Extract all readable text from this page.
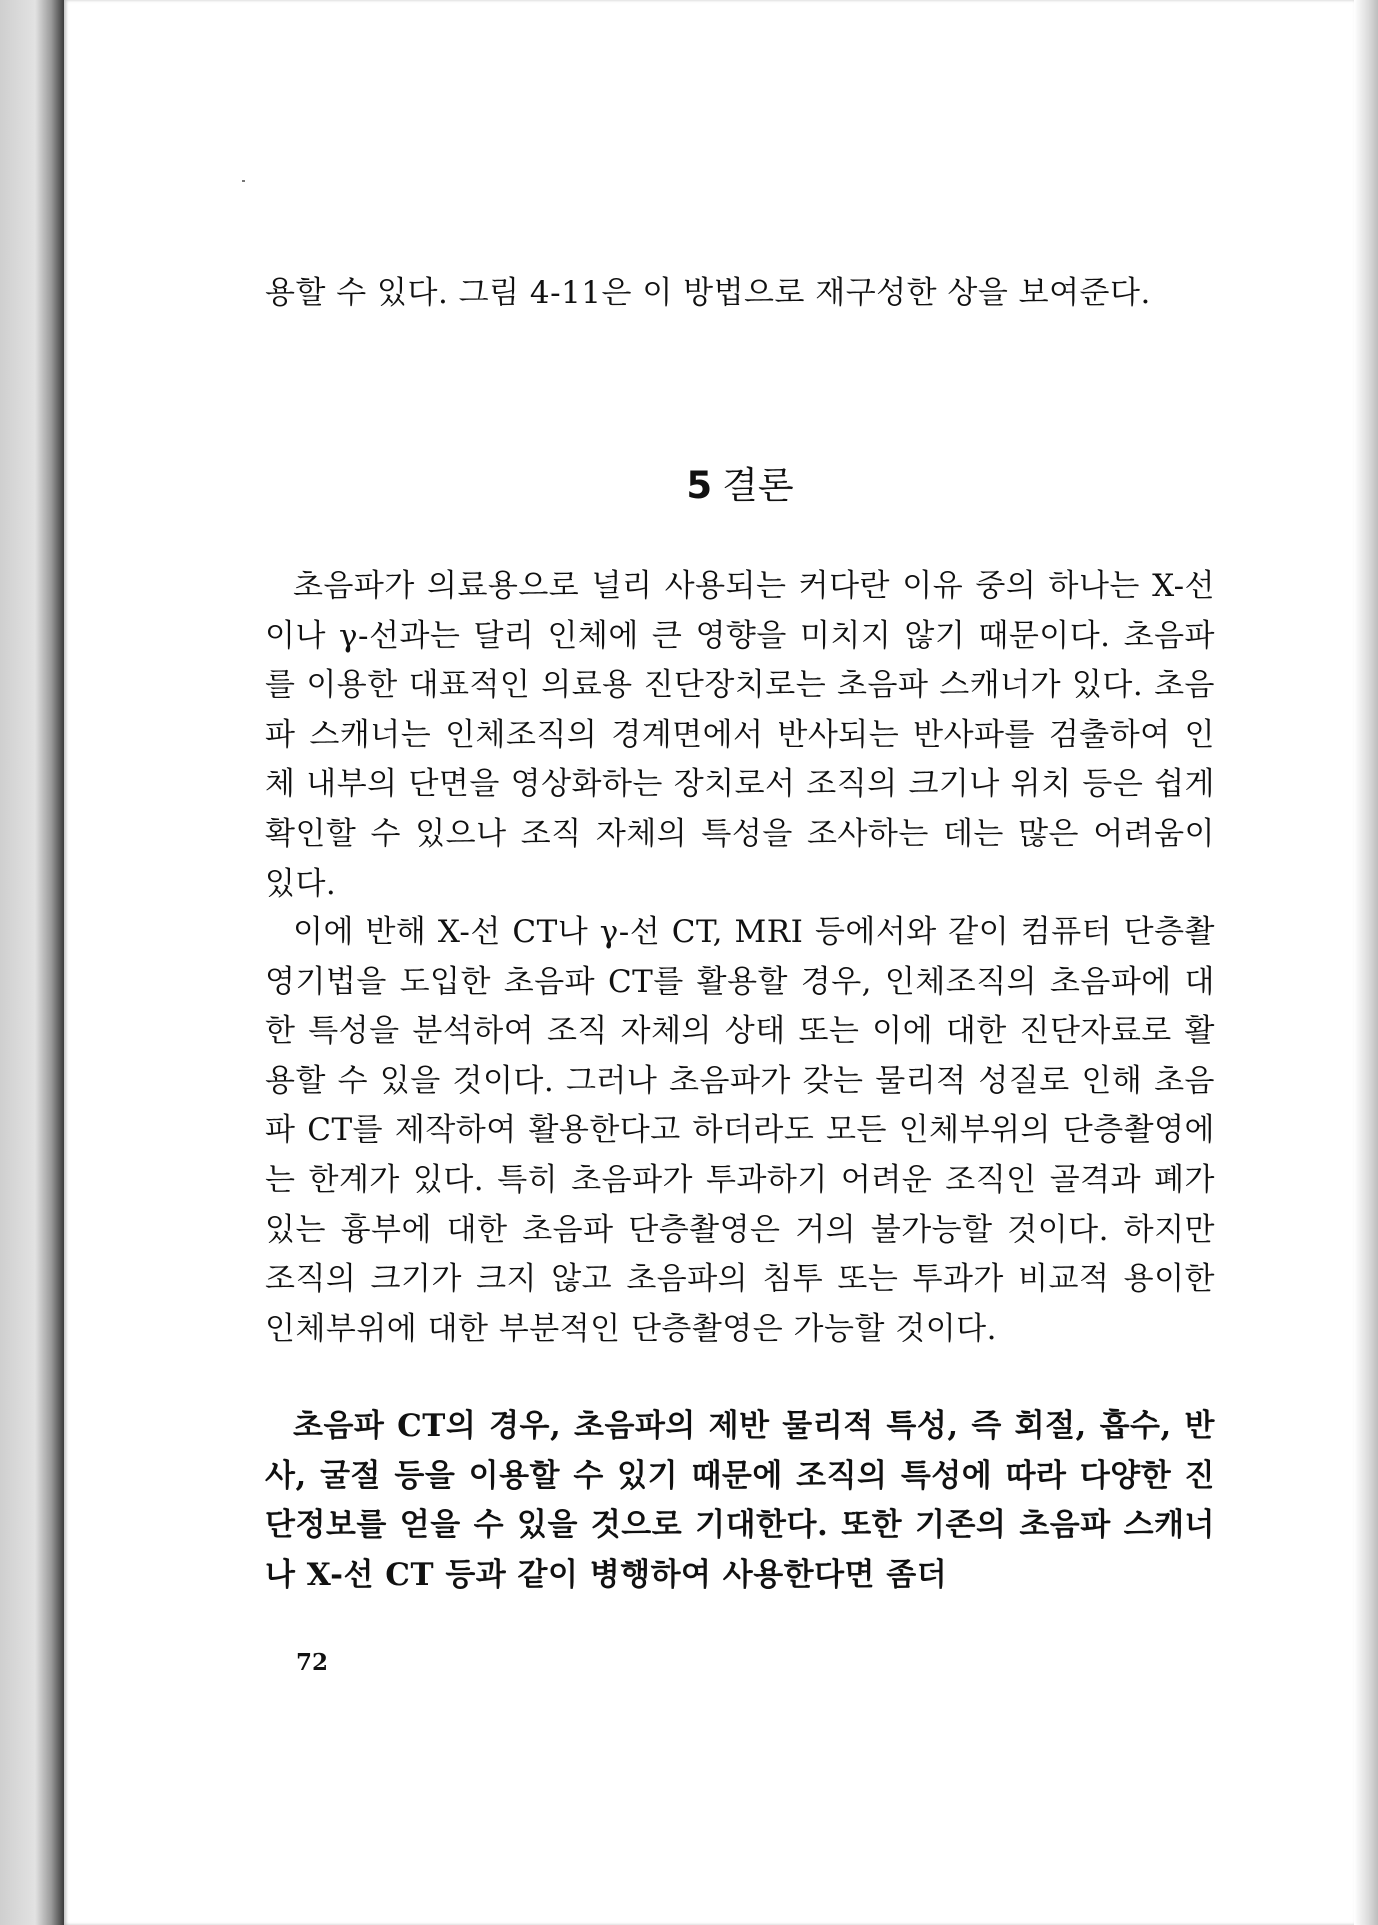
용할 수 있다. 그림 4-11은 이 방법으로 재구성한 상을 보여준다.

5 결론

초음파가 의료용으로 널리 사용되는 커다란 이유 중의 하나는 X-선이나 γ-선과는 달리 인체에 큰 영향을 미치지 않기 때문이다. 초음파를 이용한 대표적인 의료용 진단장치로는 초음파 스캐너가 있다. 초음파 스캐너는 인체조직의 경계면에서 반사되는 반사파를 검출하여 인체 내부의 단면을 영상화하는 장치로서 조직의 크기나 위치 등은 쉽게 확인할 수 있으나 조직 자체의 특성을 조사하는 데는 많은 어려움이 있다.

이에 반해 X-선 CT나 γ-선 CT, MRI 등에서와 같이 컴퓨터 단층촬영기법을 도입한 초음파 CT를 활용할 경우, 인체조직의 초음파에 대한 특성을 분석하여 조직 자체의 상태 또는 이에 대한 진단자료로 활용할 수 있을 것이다. 그러나 초음파가 갖는 물리적 성질로 인해 초음파 CT를 제작하여 활용한다고 하더라도 모든 인체부위의 단층촬영에는 한계가 있다. 특히 초음파가 투과하기 어려운 조직인 골격과 폐가 있는 흉부에 대한 초음파 단층촬영은 거의 불가능할 것이다. 하지만 조직의 크기가 크지 않고 초음파의 침투 또는 투과가 비교적 용이한 인체부위에 대한 부분적인 단층촬영은 가능할 것이다.

초음파 CT의 경우, 초음파의 제반 물리적 특성, 즉 회절, 흡수, 반사, 굴절 등을 이용할 수 있기 때문에 조직의 특성에 따라 다양한 진단정보를 얻을 수 있을 것으로 기대한다. 또한 기존의 초음파 스캐너나 X-선 CT 등과 같이 병행하여 사용한다면 좀더

72
